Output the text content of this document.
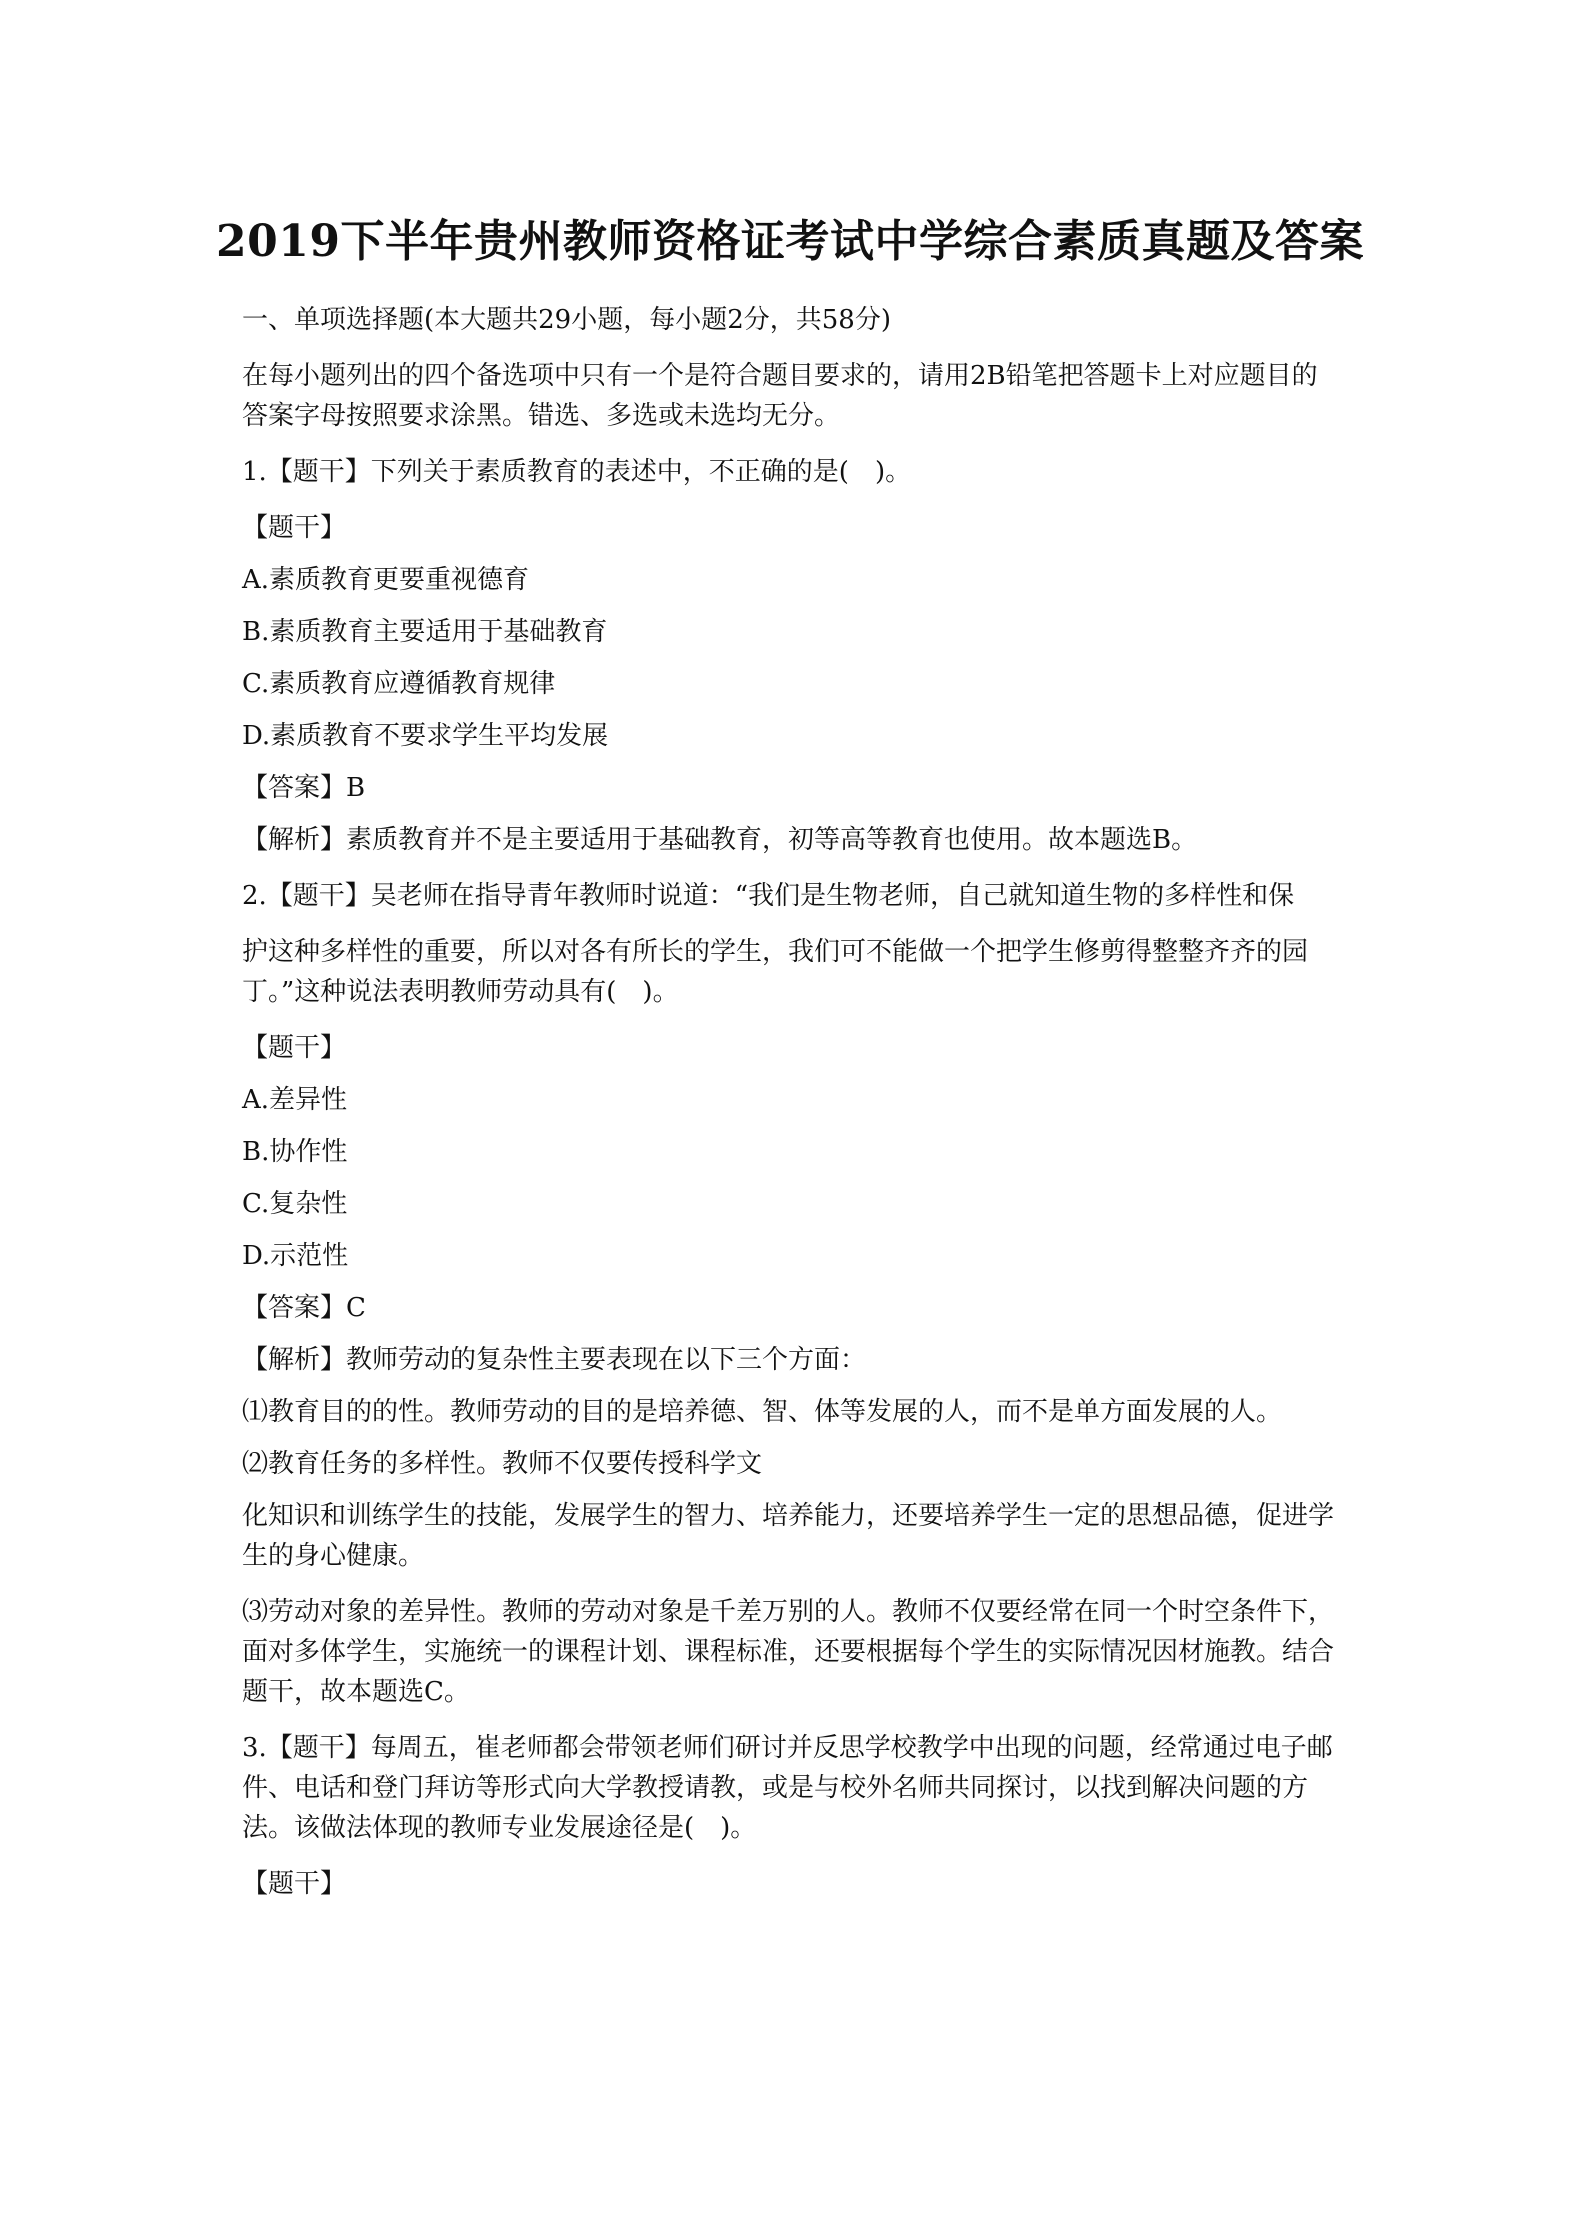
2019下半年贵州教师资格证考试中学综合素质真题及答案

一、单项选择题(本大题共29小题，每小题2分，共58分)

在每小题列出的四个备选项中只有一个是符合题目要求的，请用2B铅笔把答题卡上对应题目的答案字母按照要求涂黑。错选、多选或未选均无分。

1.【题干】下列关于素质教育的表述中，不正确的是(　)。

【题干】

A.素质教育更要重视德育

B.素质教育主要适用于基础教育

C.素质教育应遵循教育规律

D.素质教育不要求学生平均发展

【答案】B

【解析】素质教育并不是主要适用于基础教育，初等高等教育也使用。故本题选B。

2.【题干】吴老师在指导青年教师时说道：“我们是生物老师，自己就知道生物的多样性和保

护这种多样性的重要，所以对各有所长的学生，我们可不能做一个把学生修剪得整整齐齐的园丁。”这种说法表明教师劳动具有(　)。

【题干】

A.差异性

B.协作性

C.复杂性

D.示范性

【答案】C

【解析】教师劳动的复杂性主要表现在以下三个方面：

⑴教育目的的性。教师劳动的目的是培养德、智、体等发展的人，而不是单方面发展的人。

⑵教育任务的多样性。教师不仅要传授科学文

化知识和训练学生的技能，发展学生的智力、培养能力，还要培养学生一定的思想品德，促进学生的身心健康。

⑶劳动对象的差异性。教师的劳动对象是千差万别的人。教师不仅要经常在同一个时空条件下，面对多体学生，实施统一的课程计划、课程标准，还要根据每个学生的实际情况因材施教。结合题干，故本题选C。

3.【题干】每周五，崔老师都会带领老师们研讨并反思学校教学中出现的问题，经常通过电子邮件、电话和登门拜访等形式向大学教授请教，或是与校外名师共同探讨，以找到解决问题的方法。该做法体现的教师专业发展途径是(　)。

【题干】
